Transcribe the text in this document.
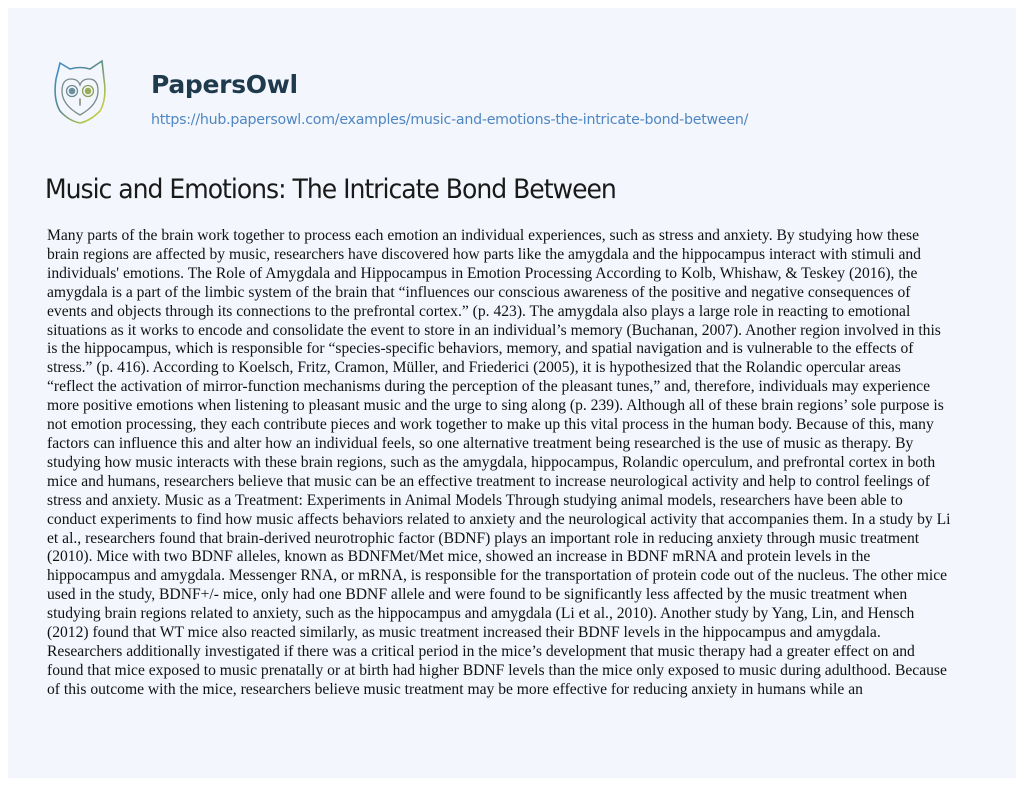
PapersOwl
https://hub.papersowl.com/examples/music-and-emotions-the-intricate-bond-between/
Music and Emotions: The Intricate Bond Between

Many parts of the brain work together to process each emotion an individual experiences, such as stress and anxiety. By studying how these
brain regions are affected by music, researchers have discovered how parts like the amygdala and the hippocampus interact with stimuli and
individuals' emotions. The Role of Amygdala and Hippocampus in Emotion Processing According to Kolb, Whishaw, & Teskey (2016), the
amygdala is a part of the limbic system of the brain that “influences our conscious awareness of the positive and negative consequences of
events and objects through its connections to the prefrontal cortex.” (p. 423). The amygdala also plays a large role in reacting to emotional
situations as it works to encode and consolidate the event to store in an individual’s memory (Buchanan, 2007). Another region involved in this
is the hippocampus, which is responsible for “species-specific behaviors, memory, and spatial navigation and is vulnerable to the effects of
stress.” (p. 416). According to Koelsch, Fritz, Cramon, Müller, and Friederici (2005), it is hypothesized that the Rolandic opercular areas
“reflect the activation of mirror-function mechanisms during the perception of the pleasant tunes,” and, therefore, individuals may experience
more positive emotions when listening to pleasant music and the urge to sing along (p. 239). Although all of these brain regions’ sole purpose is
not emotion processing, they each contribute pieces and work together to make up this vital process in the human body. Because of this, many
factors can influence this and alter how an individual feels, so one alternative treatment being researched is the use of music as therapy. By
studying how music interacts with these brain regions, such as the amygdala, hippocampus, Rolandic operculum, and prefrontal cortex in both
mice and humans, researchers believe that music can be an effective treatment to increase neurological activity and help to control feelings of
stress and anxiety. Music as a Treatment: Experiments in Animal Models Through studying animal models, researchers have been able to
conduct experiments to find how music affects behaviors related to anxiety and the neurological activity that accompanies them. In a study by Li
et al., researchers found that brain-derived neurotrophic factor (BDNF) plays an important role in reducing anxiety through music treatment
(2010). Mice with two BDNF alleles, known as BDNFMet/Met mice, showed an increase in BDNF mRNA and protein levels in the
hippocampus and amygdala. Messenger RNA, or mRNA, is responsible for the transportation of protein code out of the nucleus. The other mice
used in the study, BDNF+/- mice, only had one BDNF allele and were found to be significantly less affected by the music treatment when
studying brain regions related to anxiety, such as the hippocampus and amygdala (Li et al., 2010). Another study by Yang, Lin, and Hensch
(2012) found that WT mice also reacted similarly, as music treatment increased their BDNF levels in the hippocampus and amygdala.
Researchers additionally investigated if there was a critical period in the mice’s development that music therapy had a greater effect on and
found that mice exposed to music prenatally or at birth had higher BDNF levels than the mice only exposed to music during adulthood. Because
of this outcome with the mice, researchers believe music treatment may be more effective for reducing anxiety in humans while an
